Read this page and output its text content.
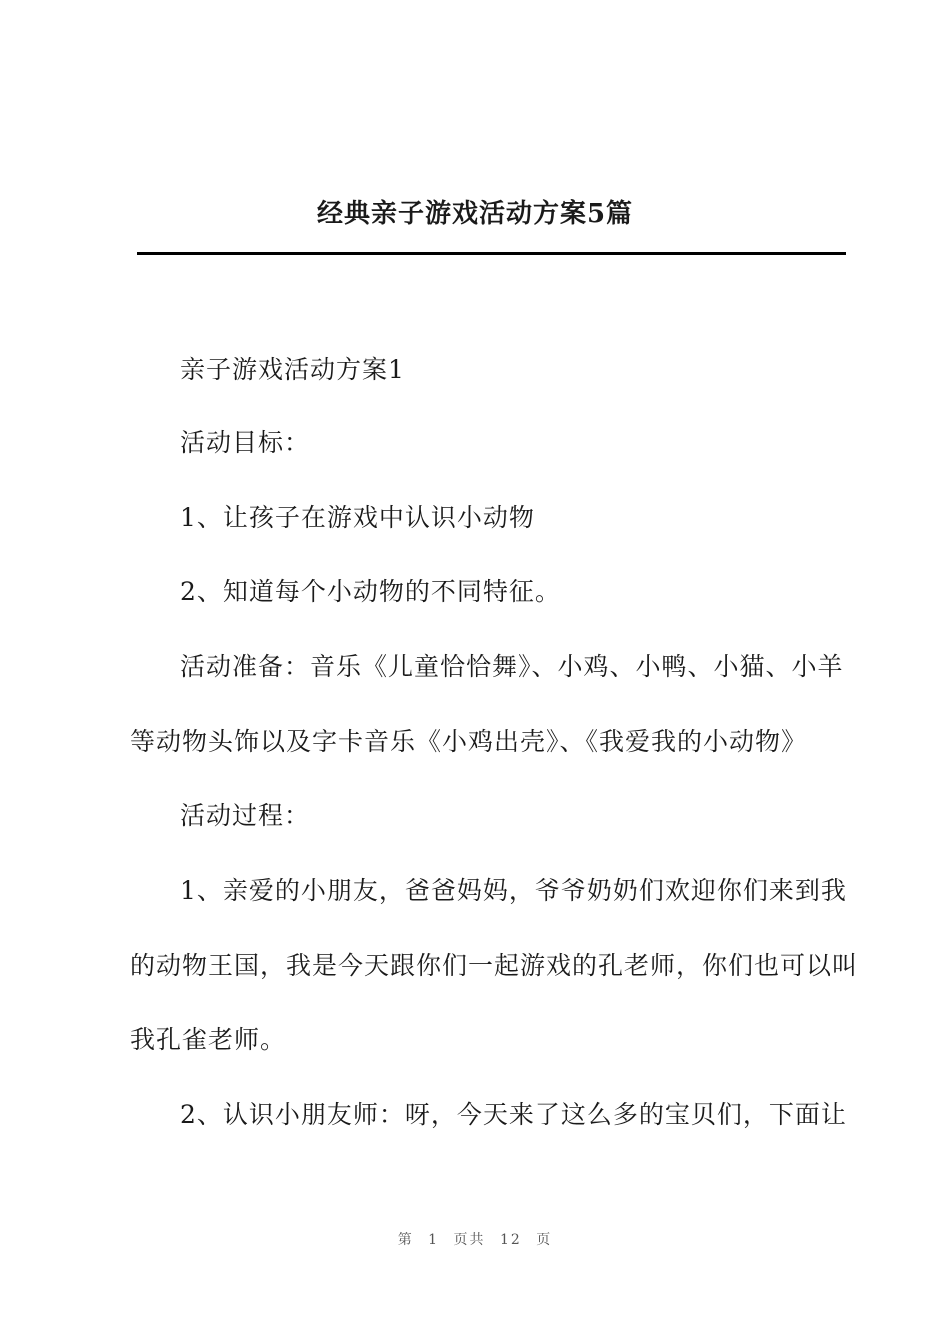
经典亲子游戏活动方案5篇

亲子游戏活动方案1

活动目标：

1、让孩子在游戏中认识小动物

2、知道每个小动物的不同特征。

活动准备：音乐《儿童恰恰舞》、小鸡、小鸭、小猫、小羊

等动物头饰以及字卡音乐《小鸡出壳》、《我爱我的小动物》

活动过程：

1、亲爱的小朋友，爸爸妈妈，爷爷奶奶们欢迎你们来到我

的动物王国，我是今天跟你们一起游戏的孔老师，你们也可以叫

我孔雀老师。

2、认识小朋友师：呀，今天来了这么多的宝贝们，下面让

第 1 页共 12 页
